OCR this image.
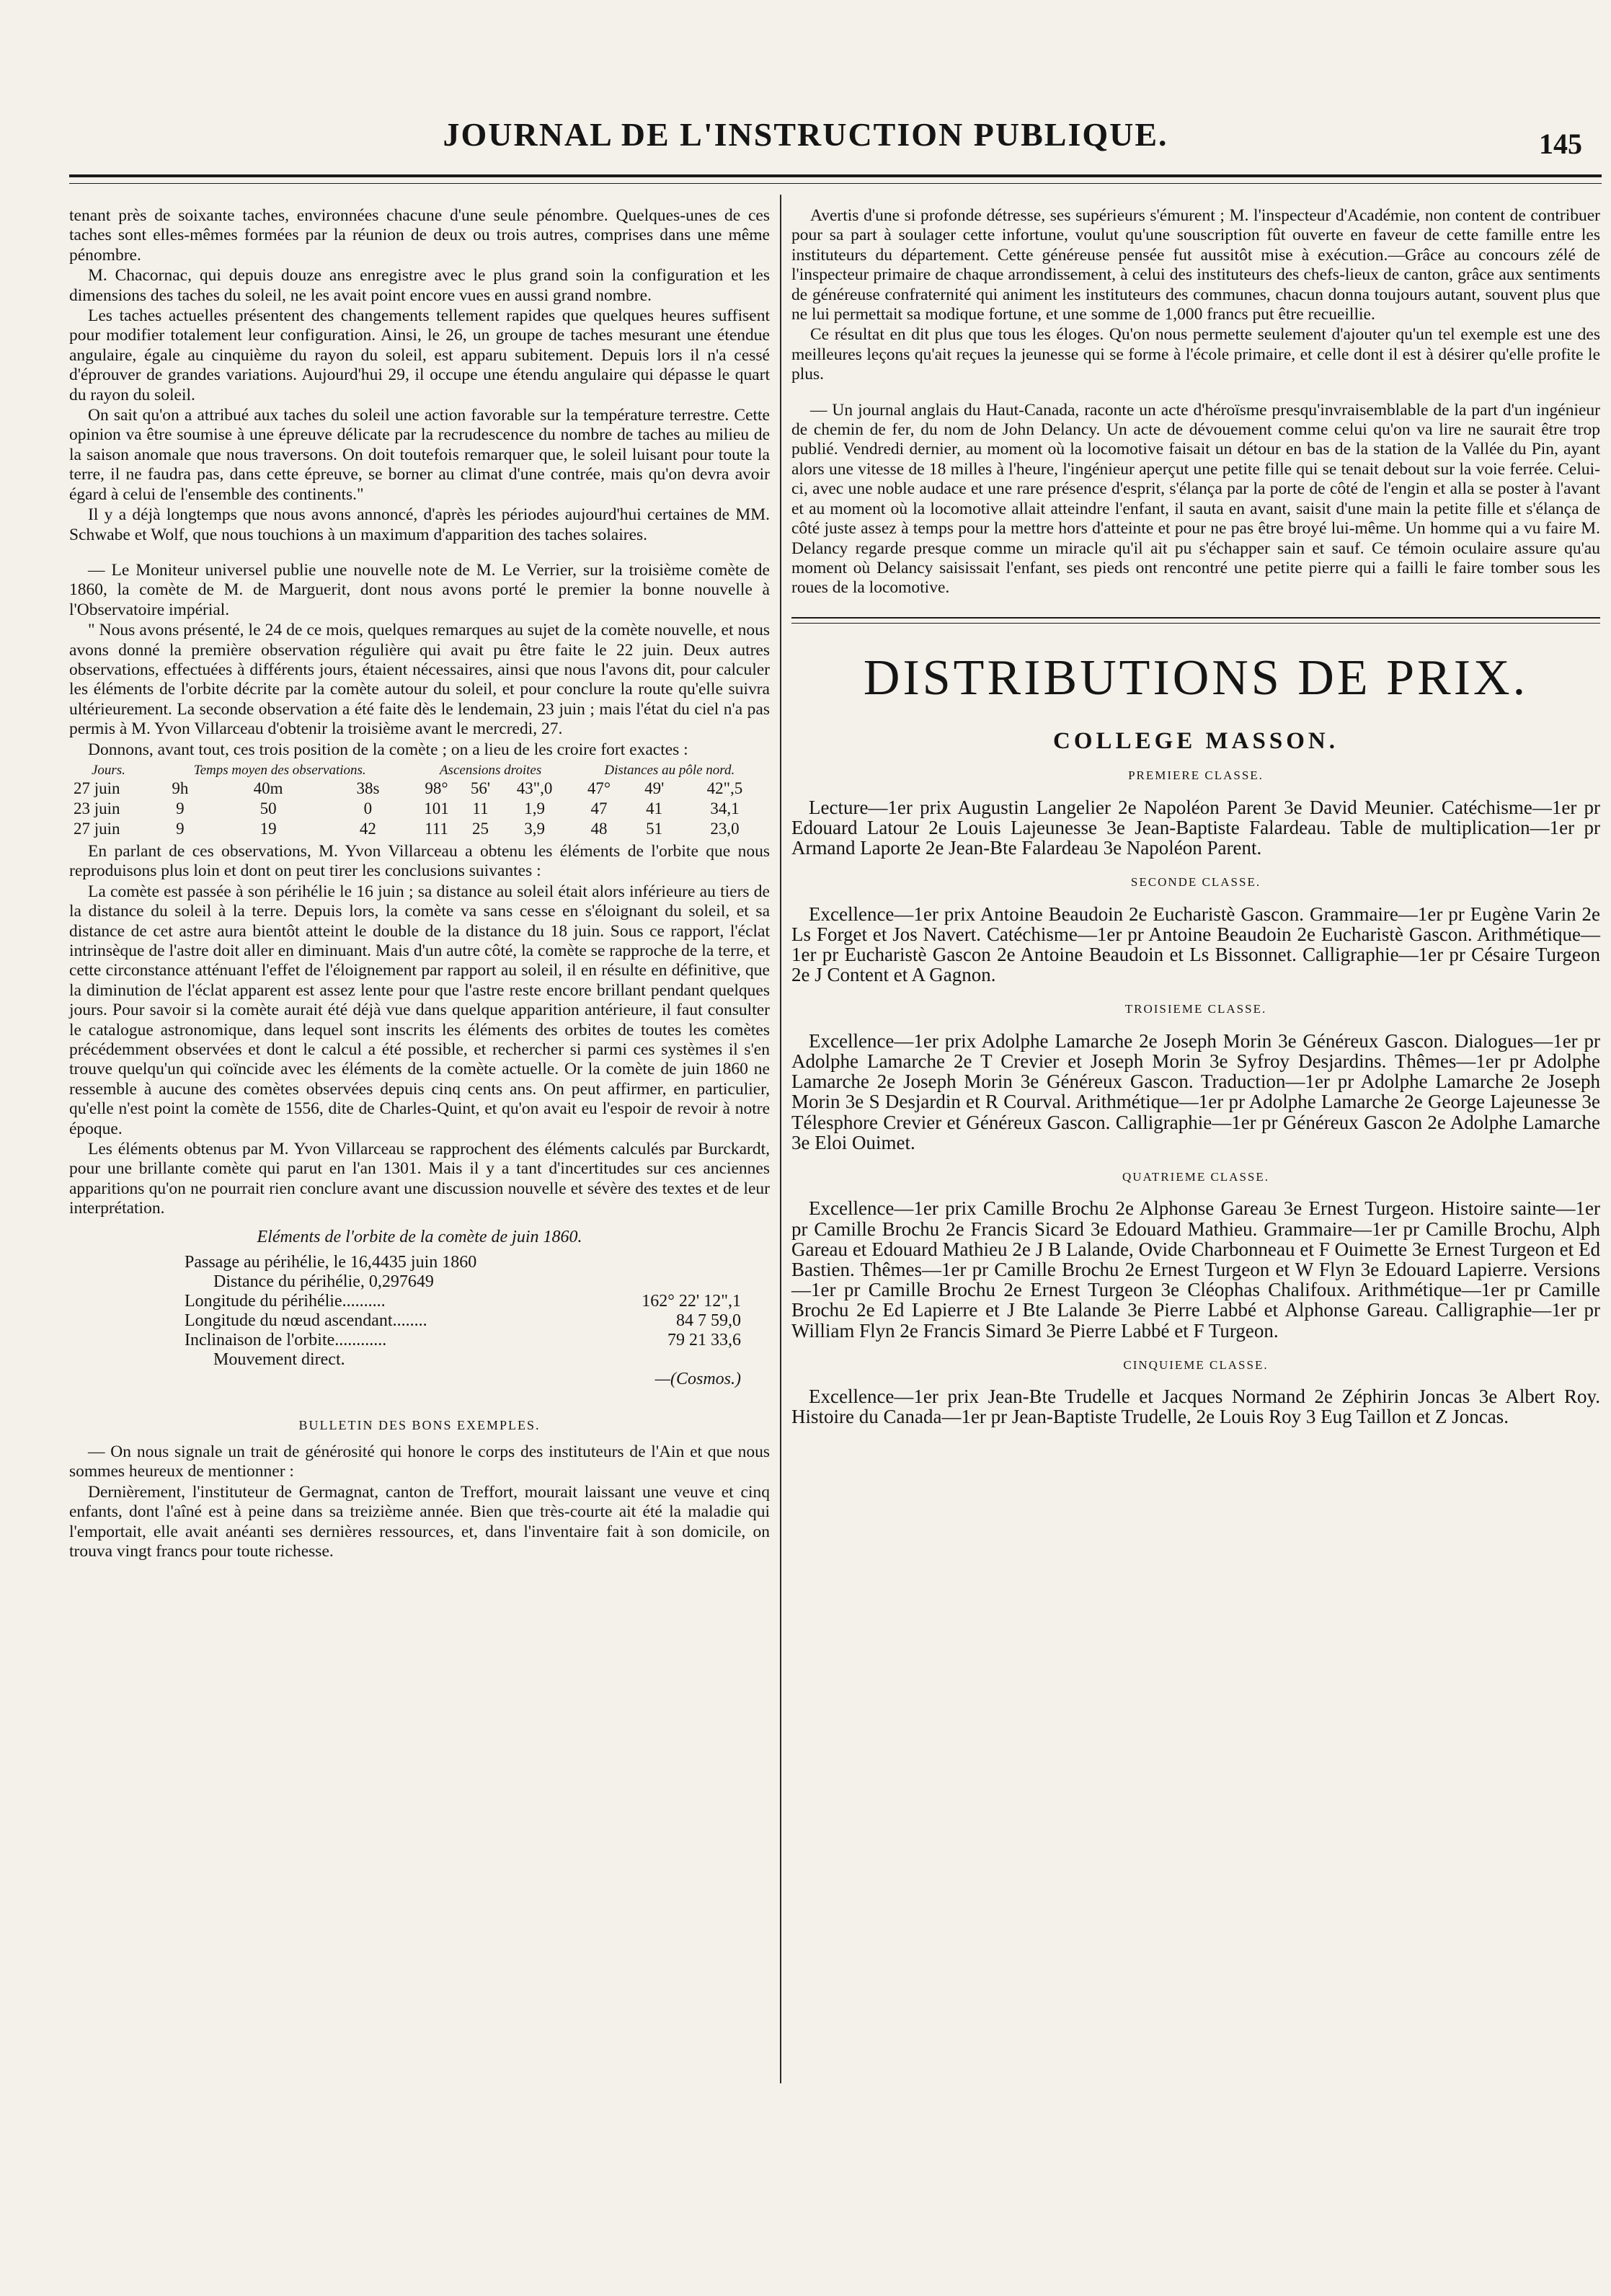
JOURNAL DE L'INSTRUCTION PUBLIQUE.	145

tenant près de soixante taches, environnées chacune d'une seule pénombre. Quelques-unes de ces taches sont elles-mêmes formées par la réunion de deux ou trois autres, comprises dans une même pénombre.

M. Chacornac, qui depuis douze ans enregistre avec le plus grand soin la configuration et les dimensions des taches du soleil, ne les avait point encore vues en aussi grand nombre.

Les taches actuelles présentent des changements tellement rapides que quelques heures suffisent pour modifier totalement leur configuration. Ainsi, le 26, un groupe de taches mesurant une étendue angulaire, égale au cinquième du rayon du soleil, est apparu subitement. Depuis lors il n'a cessé d'éprouver de grandes variations. Aujourd'hui 29, il occupe une étendu angulaire qui dépasse le quart du rayon du soleil.

On sait qu'on a attribué aux taches du soleil une action favorable sur la température terrestre. Cette opinion va être soumise à une épreuve délicate par la recrudescence du nombre de taches au milieu de la saison anomale que nous traversons. On doit toutefois remarquer que, le soleil luisant pour toute la terre, il ne faudra pas, dans cette épreuve, se borner au climat d'une contrée, mais qu'on devra avoir égard à celui de l'ensemble des continents."

Il y a déjà longtemps que nous avons annoncé, d'après les périodes aujourd'hui certaines de MM. Schwabe et Wolf, que nous touchions à un maximum d'apparition des taches solaires.

— Le Moniteur universel publie une nouvelle note de M. Le Verrier, sur la troisième comète de 1860, la comète de M. de Marguerit, dont nous avons porté le premier la bonne nouvelle à l'Observatoire impérial.

" Nous avons présenté, le 24 de ce mois, quelques remarques au sujet de la comète nouvelle, et nous avons donné la première observation régulière qui avait pu être faite le 22 juin. Deux autres observations, effectuées à différents jours, étaient nécessaires, ainsi que nous l'avons dit, pour calculer les éléments de l'orbite décrite par la comète autour du soleil, et pour conclure la route qu'elle suivra ultérieurement. La seconde observation a été faite dès le lendemain, 23 juin ; mais l'état du ciel n'a pas permis à M. Yvon Villarceau d'obtenir la troisième avant le mercredi, 27.

Donnons, avant tout, ces trois position de la comète ; on a lieu de les croire fort exactes :

Jours.	Temps moyen des observations.			Ascensions droites			Distances au pôle nord.		
27 juin	9h	40m	38s	98°	56'	43",0	47°	49'	42",5
23 juin	9	50	0	101	11	1,9	47	41	34,1
27 juin	9	19	42	111	25	3,9	48	51	23,0

En parlant de ces observations, M. Yvon Villarceau a obtenu les éléments de l'orbite que nous reproduisons plus loin et dont on peut tirer les conclusions suivantes :

La comète est passée à son périhélie le 16 juin ; sa distance au soleil était alors inférieure au tiers de la distance du soleil à la terre. Depuis lors, la comète va sans cesse en s'éloignant du soleil, et sa distance de cet astre aura bientôt atteint le double de la distance du 18 juin. Sous ce rapport, l'éclat intrinsèque de l'astre doit aller en diminuant. Mais d'un autre côté, la comète se rapproche de la terre, et cette circonstance atténuant l'effet de l'éloignement par rapport au soleil, il en résulte en définitive, que la diminution de l'éclat apparent est assez lente pour que l'astre reste encore brillant pendant quelques jours. Pour savoir si la comète aurait été déjà vue dans quelque apparition antérieure, il faut consulter le catalogue astronomique, dans lequel sont inscrits les éléments des orbites de toutes les comètes précédemment observées et dont le calcul a été possible, et rechercher si parmi ces systèmes il s'en trouve quelqu'un qui coïncide avec les éléments de la comète actuelle. Or la comète de juin 1860 ne ressemble à aucune des comètes observées depuis cinq cents ans. On peut affirmer, en particulier, qu'elle n'est point la comète de 1556, dite de Charles-Quint, et qu'on avait eu l'espoir de revoir à notre époque.

Les éléments obtenus par M. Yvon Villarceau se rapprochent des éléments calculés par Burckardt, pour une brillante comète qui parut en l'an 1301. Mais il y a tant d'incertitudes sur ces anciennes apparitions qu'on ne pourrait rien conclure avant une discussion nouvelle et sévère des textes et de leur interprétation.

Eléments de l'orbite de la comète de juin 1860.
Passage au périhélie, le 16,4435 juin 1860
Distance du périhélie, 0,297649
Longitude du périhélie..........	162° 22' 12",1
Longitude du nœud ascendant........	84 7 59,0
Inclinaison de l'orbite............	79 21 33,6
Mouvement direct.
—(Cosmos.)
BULLETIN DES BONS EXEMPLES.

— On nous signale un trait de générosité qui honore le corps des instituteurs de l'Ain et que nous sommes heureux de mentionner :

Dernièrement, l'instituteur de Germagnat, canton de Treffort, mourait laissant une veuve et cinq enfants, dont l'aîné est à peine dans sa treizième année. Bien que très-courte ait été la maladie qui l'emportait, elle avait anéanti ses dernières ressources, et, dans l'inventaire fait à son domicile, on trouva vingt francs pour toute richesse.

Avertis d'une si profonde détresse, ses supérieurs s'émurent ; M. l'inspecteur d'Académie, non content de contribuer pour sa part à soulager cette infortune, voulut qu'une souscription fût ouverte en faveur de cette famille entre les instituteurs du département. Cette généreuse pensée fut aussitôt mise à exécution.—Grâce au concours zélé de l'inspecteur primaire de chaque arrondissement, à celui des instituteurs des chefs-lieux de canton, grâce aux sentiments de généreuse confraternité qui animent les instituteurs des communes, chacun donna toujours autant, souvent plus que ne lui permettait sa modique fortune, et une somme de 1,000 francs put être recueillie.

Ce résultat en dit plus que tous les éloges. Qu'on nous permette seulement d'ajouter qu'un tel exemple est une des meilleures leçons qu'ait reçues la jeunesse qui se forme à l'école primaire, et celle dont il est à désirer qu'elle profite le plus.

— Un journal anglais du Haut-Canada, raconte un acte d'héroïsme presqu'invraisemblable de la part d'un ingénieur de chemin de fer, du nom de John Delancy. Un acte de dévouement comme celui qu'on va lire ne saurait être trop publié. Vendredi dernier, au moment où la locomotive faisait un détour en bas de la station de la Vallée du Pin, ayant alors une vitesse de 18 milles à l'heure, l'ingénieur aperçut une petite fille qui se tenait debout sur la voie ferrée. Celui-ci, avec une noble audace et une rare présence d'esprit, s'élança par la porte de côté de l'engin et alla se poster à l'avant et au moment où la locomotive allait atteindre l'enfant, il sauta en avant, saisit d'une main la petite fille et s'élança de côté juste assez à temps pour la mettre hors d'atteinte et pour ne pas être broyé lui-même. Un homme qui a vu faire M. Delancy regarde presque comme un miracle qu'il ait pu s'échapper sain et sauf. Ce témoin oculaire assure qu'au moment où Delancy saisissait l'enfant, ses pieds ont rencontré une petite pierre qui a failli le faire tomber sous les roues de la locomotive.

DISTRIBUTIONS DE PRIX.
COLLEGE MASSON.
PREMIERE CLASSE.
Lecture—1er prix Augustin Langelier 2e Napoléon Parent 3e David Meunier. Catéchisme—1er pr Edouard Latour 2e Louis Lajeunesse 3e Jean-Baptiste Falardeau. Table de multiplication—1er pr Armand Laporte 2e Jean-Bte Falardeau 3e Napoléon Parent.
SECONDE CLASSE.
Excellence—1er prix Antoine Beaudoin 2e Eucharistè Gascon. Grammaire—1er pr Eugène Varin 2e Ls Forget et Jos Navert. Catéchisme—1er pr Antoine Beaudoin 2e Eucharistè Gascon. Arithmétique—1er pr Eucharistè Gascon 2e Antoine Beaudoin et Ls Bissonnet. Calligraphie—1er pr Césaire Turgeon 2e J Content et A Gagnon.
TROISIEME CLASSE.
Excellence—1er prix Adolphe Lamarche 2e Joseph Morin 3e Généreux Gascon. Dialogues—1er pr Adolphe Lamarche 2e T Crevier et Joseph Morin 3e Syfroy Desjardins. Thêmes—1er pr Adolphe Lamarche 2e Joseph Morin 3e Généreux Gascon. Traduction—1er pr Adolphe Lamarche 2e Joseph Morin 3e S Desjardin et R Courval. Arithmétique—1er pr Adolphe Lamarche 2e George Lajeunesse 3e Télesphore Crevier et Généreux Gascon. Calligraphie—1er pr Généreux Gascon 2e Adolphe Lamarche 3e Eloi Ouimet.
QUATRIEME CLASSE.
Excellence—1er prix Camille Brochu 2e Alphonse Gareau 3e Ernest Turgeon. Histoire sainte—1er pr Camille Brochu 2e Francis Sicard 3e Edouard Mathieu. Grammaire—1er pr Camille Brochu, Alph Gareau et Edouard Mathieu 2e J B Lalande, Ovide Charbonneau et F Ouimette 3e Ernest Turgeon et Ed Bastien. Thêmes—1er pr Camille Brochu 2e Ernest Turgeon et W Flyn 3e Edouard Lapierre. Versions—1er pr Camille Brochu 2e Ernest Turgeon 3e Cléophas Chalifoux. Arithmétique—1er pr Camille Brochu 2e Ed Lapierre et J Bte Lalande 3e Pierre Labbé et Alphonse Gareau. Calligraphie—1er pr William Flyn 2e Francis Simard 3e Pierre Labbé et F Turgeon.
CINQUIEME CLASSE.
Excellence—1er prix Jean-Bte Trudelle et Jacques Normand 2e Zéphirin Joncas 3e Albert Roy. Histoire du Canada—1er pr Jean-Baptiste Trudelle, 2e Louis Roy 3 Eug Taillon et Z Joncas.
